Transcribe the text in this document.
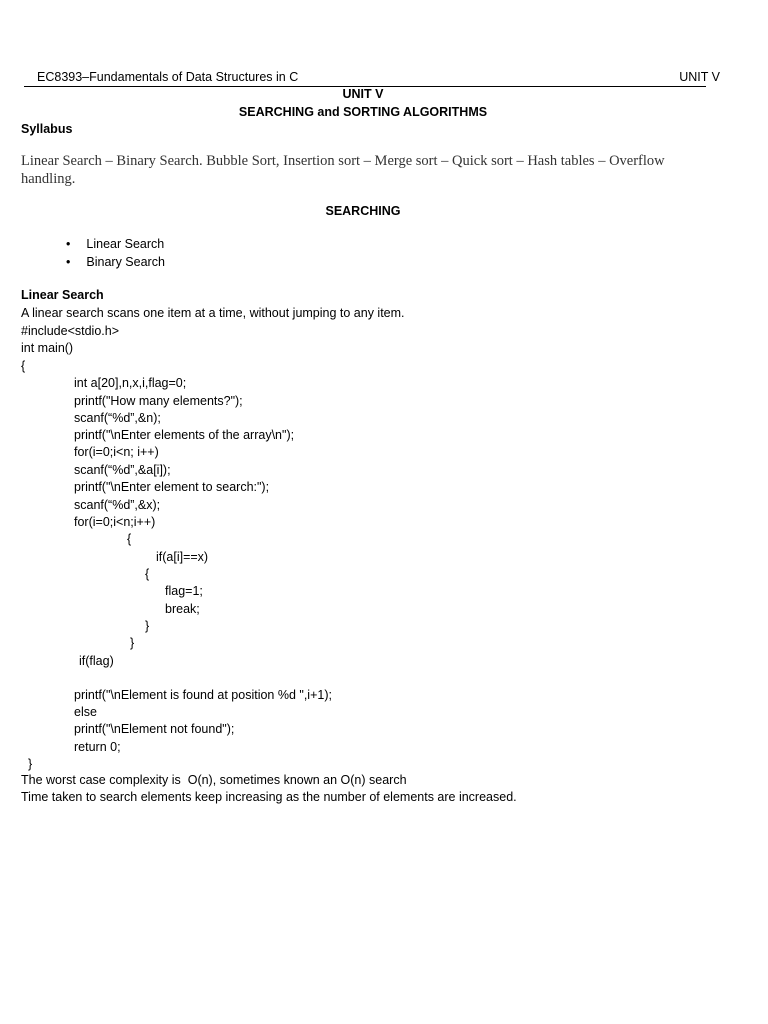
EC8393–Fundamentals of Data Structures in C	UNIT V
UNIT V
SEARCHING and SORTING ALGORITHMS
Syllabus
Linear Search – Binary Search. Bubble Sort, Insertion sort – Merge sort – Quick sort – Hash tables – Overflow handling.
SEARCHING
• Linear Search
• Binary Search
Linear Search
A linear search scans one item at a time, without jumping to any item.
#include<stdio.h>
int main()
{
int a[20],n,x,i,flag=0;
printf("How many elements?");
scanf(“%d”,&n);
printf("\nEnter elements of the array\n");
for(i=0;i<n; i++)
scanf(“%d”,&a[i]);
printf("\nEnter element to search:");
scanf(“%d”,&x);
for(i=0;i<n;i++)
{
if(a[i]==x)
{
flag=1;
break;
}
}
if(flag)
printf("\nElement is found at position %d ",i+1);
else
printf("\nElement not found");
return 0;
}
The worst case complexity is  O(n), sometimes known an O(n) search
Time taken to search elements keep increasing as the number of elements are increased.
